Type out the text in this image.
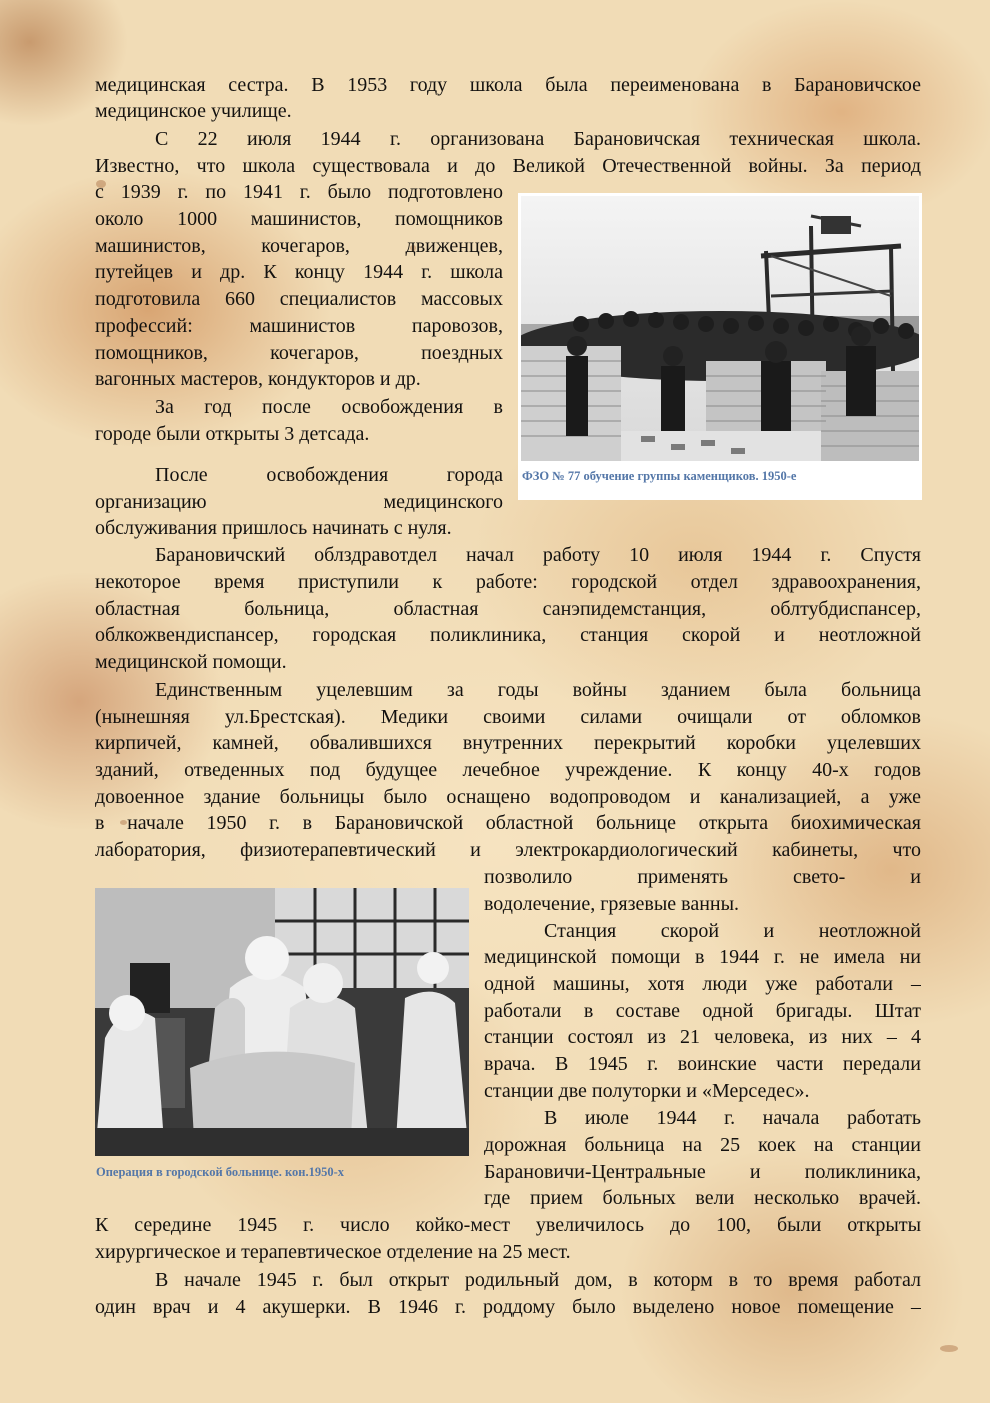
медицинская сестра. В 1953 году школа была переименована в Барановичское
медицинское училище.
С 22 июля 1944 г. организована Барановичская техническая школа.
Известно, что школа существовала и до Великой Отечественной войны. За период
с 1939 г. по 1941 г. было подготовлено
около 1000 машинистов, помощников
машинистов, кочегаров, движенцев,
путейцев и др. К концу 1944 г. школа
подготовила 660 специалистов массовых
профессий: машинистов паровозов,
помощников, кочегаров, поездных
вагонных мастеров, кондукторов и др.
За год после освобождения в
городе были открыты 3 детсада.
После освобождения города
организацию медицинского
обслуживания пришлось начинать с нуля.
Барановичский облздравотдел начал работу 10 июля 1944 г. Спустя
некоторое время приступили к работе: городской отдел здравоохранения,
областная больница, областная санэпидемстанция, облтубдиспансер,
облкожвендиспансер, городская поликлиника, станция скорой и неотложной
медицинской помощи.
Единственным уцелевшим за годы войны зданием была больница
(нынешняя ул.Брестская). Медики своими силами очищали от обломков
кирпичей, камней, обвалившихся внутренних перекрытий коробки уцелевших
зданий, отведенных под будущее лечебное учреждение. К концу 40-х годов
довоенное здание больницы было оснащено водопроводом и канализацией, а уже
в начале 1950 г. в Барановичской областной больнице открыта биохимическая
лаборатория, физиотерапевтический и электрокардиологический кабинеты, что
позволило применять свето- и
водолечение, грязевые ванны.
Станция скорой и неотложной
медицинской помощи в 1944 г. не имела ни
одной машины, хотя люди уже работали –
работали в составе одной бригады. Штат
станции состоял из 21 человека, из них – 4
врача. В 1945 г. воинские части передали
станции две полуторки и «Мерседес».
В июле 1944 г. начала работать
дорожная больница на 25 коек на станции
Барановичи-Центральные и поликлиника,
где прием больных вели несколько врачей.
К середине 1945 г. число койко-мест увеличилось до 100, были открыты
хирургическое и терапевтическое отделение на 25 мест.
В начале 1945 г. был открыт родильный дом, в которм в то время работал
один врач и 4 акушерки. В 1946 г. роддому было выделено новое помещение –
ФЗО № 77 обучение группы каменщиков. 1950-е
Операция в городской больнице. кон.1950-х
